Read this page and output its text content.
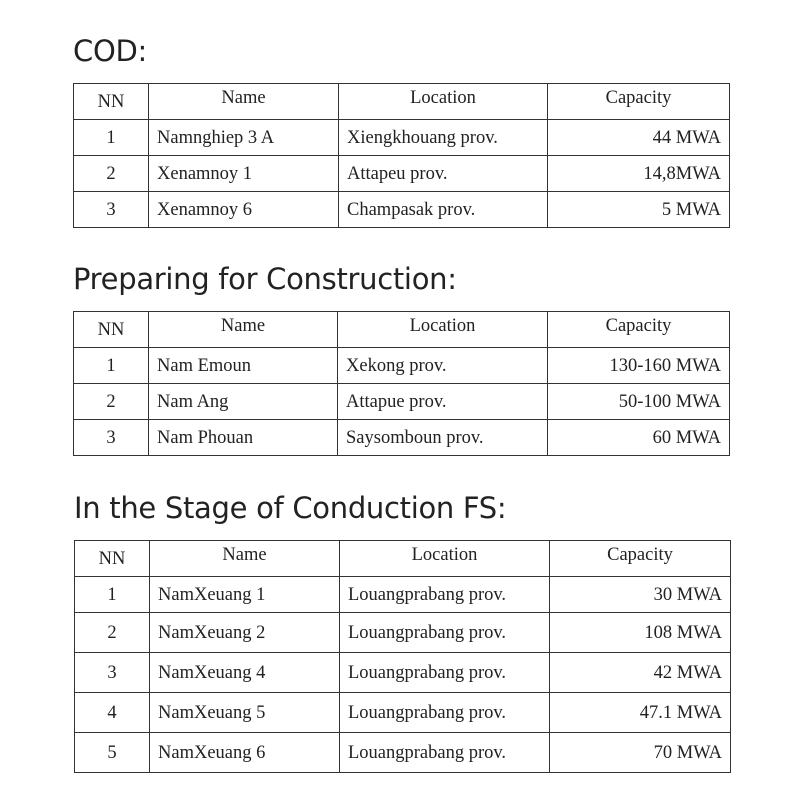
COD:
NN	Name	Location	Capacity

1	Namnghiep 3 A	Xiengkhouang prov.	44 MWA

2	Xenamnoy 1	Attapeu prov.	14,8MWA

3	Xenamnoy 6	Champasak prov.	5 MWA
Preparing for Construction:
NN	Name	Location	Capacity

1	Nam Emoun	Xekong prov.	130-160 MWA

2	Nam Ang	Attapue prov.	50-100 MWA

3	Nam Phouan	Saysomboun prov.	60 MWA
In the Stage of Conduction FS:
NN	Name	Location	Capacity

1	NamXeuang 1	Louangprabang prov.	30 MWA

2	NamXeuang 2	Louangprabang prov.	108 MWA

3	NamXeuang 4	Louangprabang prov.	42 MWA

4	NamXeuang 5	Louangprabang prov.	47.1 MWA

5	NamXeuang 6	Louangprabang prov.	70 MWA
